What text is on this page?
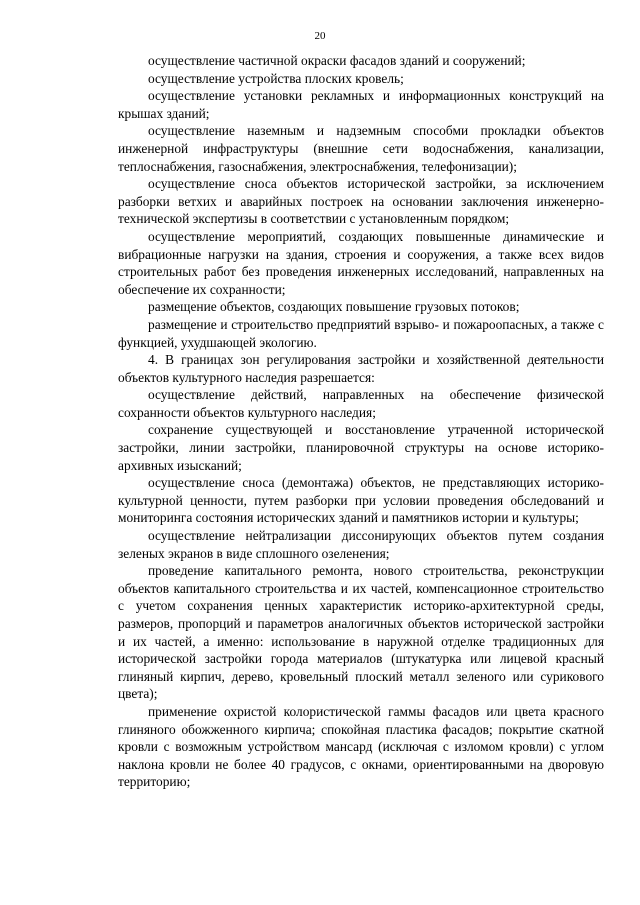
20

осуществление частичной окраски фасадов зданий и сооружений;

осуществление устройства плоских кровель;

осуществление установки рекламных и информационных конструкций на крышах зданий;

осуществление наземным и надземным способми прокладки объектов инженерной инфраструктуры (внешние сети водоснабжения, канализации, теплоснабжения, газоснабжения, электроснабжения, телефонизации);

осуществление сноса объектов исторической застройки, за исключением разборки ветхих и аварийных построек на основании заключения инженерно-технической экспертизы в соответствии с установленным порядком;

осуществление мероприятий, создающих повышенные динамические и вибрационные нагрузки на здания, строения и сооружения, а также всех видов строительных работ без проведения инженерных исследований, направленных на обеспечение их сохранности;

размещение объектов, создающих повышение грузовых потоков;

размещение и строительство предприятий взрыво- и пожароопасных, а также с функцией, ухудшающей экологию.

4. В границах зон регулирования застройки и хозяйственной деятельности объектов культурного наследия разрешается:

осуществление действий, направленных на обеспечение физической сохранности объектов культурного наследия;

сохранение существующей и восстановление утраченной исторической застройки, линии застройки, планировочной структуры на основе историко-архивных изысканий;

осуществление сноса (демонтажа) объектов, не представляющих историко-культурной ценности, путем разборки при условии проведения обследований и мониторинга состояния исторических зданий и памятников истории и культуры;

осуществление нейтрализации диссонирующих объектов путем создания зеленых экранов в виде сплошного озеленения;

проведение капитального ремонта, нового строительства, реконструкции объектов капитального строительства и их частей, компенсационное строительство с учетом сохранения ценных характеристик историко-архитектурной среды, размеров, пропорций и параметров аналогичных объектов исторической застройки и их частей, а именно: использование в наружной отделке традиционных для исторической застройки города материалов (штукатурка или лицевой красный глиняный кирпич, дерево, кровельный плоский металл зеленого или сурикового цвета);

применение охристой колористической гаммы фасадов или цвета красного глиняного обожженного кирпича; спокойная пластика фасадов; покрытие скатной кровли с возможным устройством мансард (исключая с изломом кровли) с углом наклона кровли не более 40 градусов, с окнами, ориентированными на дворовую территорию;
